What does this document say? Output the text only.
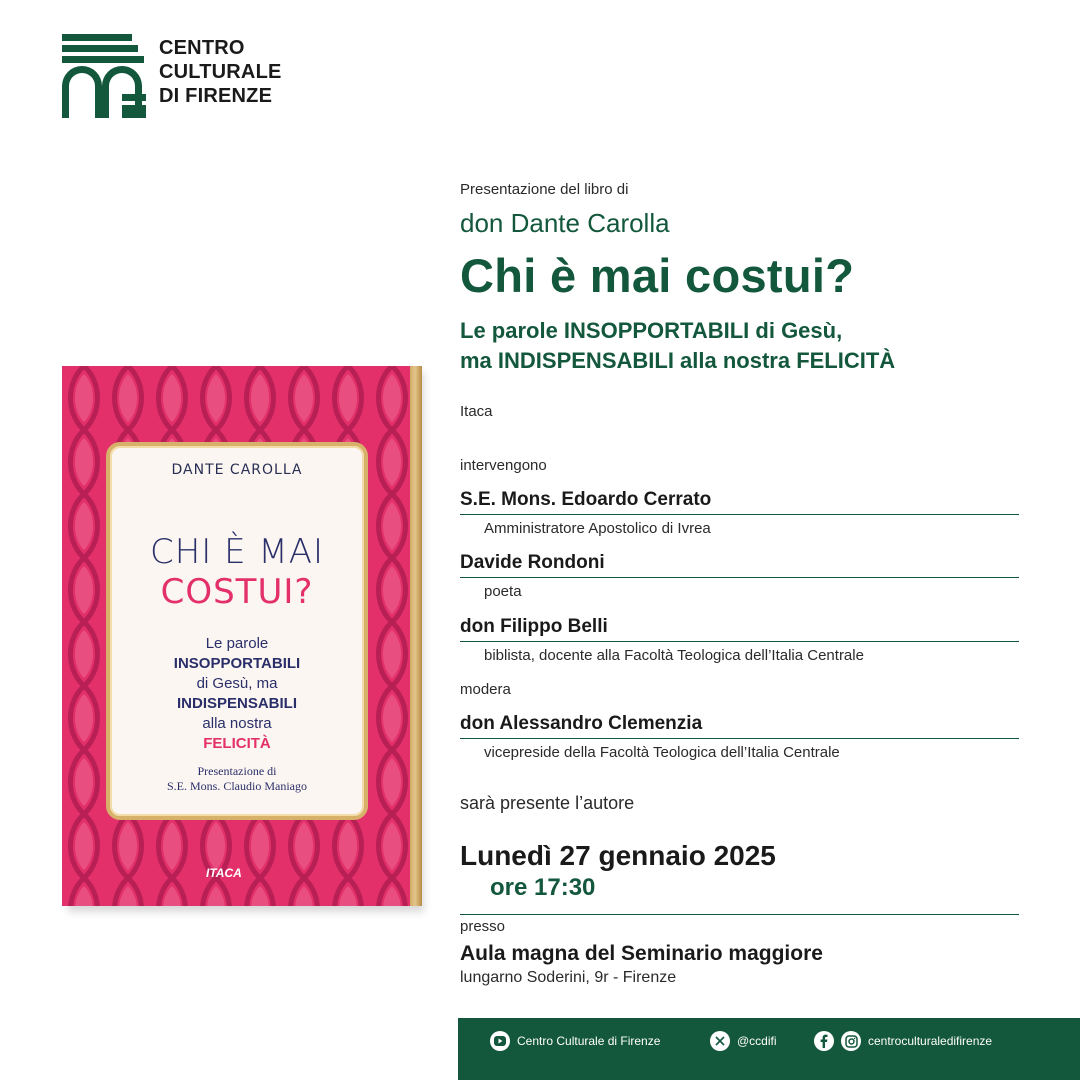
CENTRO
CULTURALE
DI FIRENZE
DANTE CAROLLA
CHI È MAI
COSTUI?
Le parole
INSOPPORTABILI
di Gesù, ma
INDISPENSABILI
alla nostra
FELICITÀ
Presentazione di
S.E. Mons. Claudio Maniago
ITACA
Presentazione del libro di
don Dante Carolla
Chi è mai costui?
Le parole INSOPPORTABILI di Gesù,
ma INDISPENSABILI alla nostra FELICITÀ
Itaca
intervengono
S.E. Mons. Edoardo Cerrato
Amministratore Apostolico di Ivrea
Davide Rondoni
poeta
don Filippo Belli
biblista, docente alla Facoltà Teologica dell’Italia Centrale
modera
don Alessandro Clemenzia
vicepreside della Facoltà Teologica dell’Italia Centrale
sarà presente l’autore
Lunedì 27 gennaio 2025
ore 17:30
presso
Aula magna del Seminario maggiore
lungarno Soderini, 9r - Firenze
Centro Culturale di Firenze	@ccdifi	centroculturaledifirenze
